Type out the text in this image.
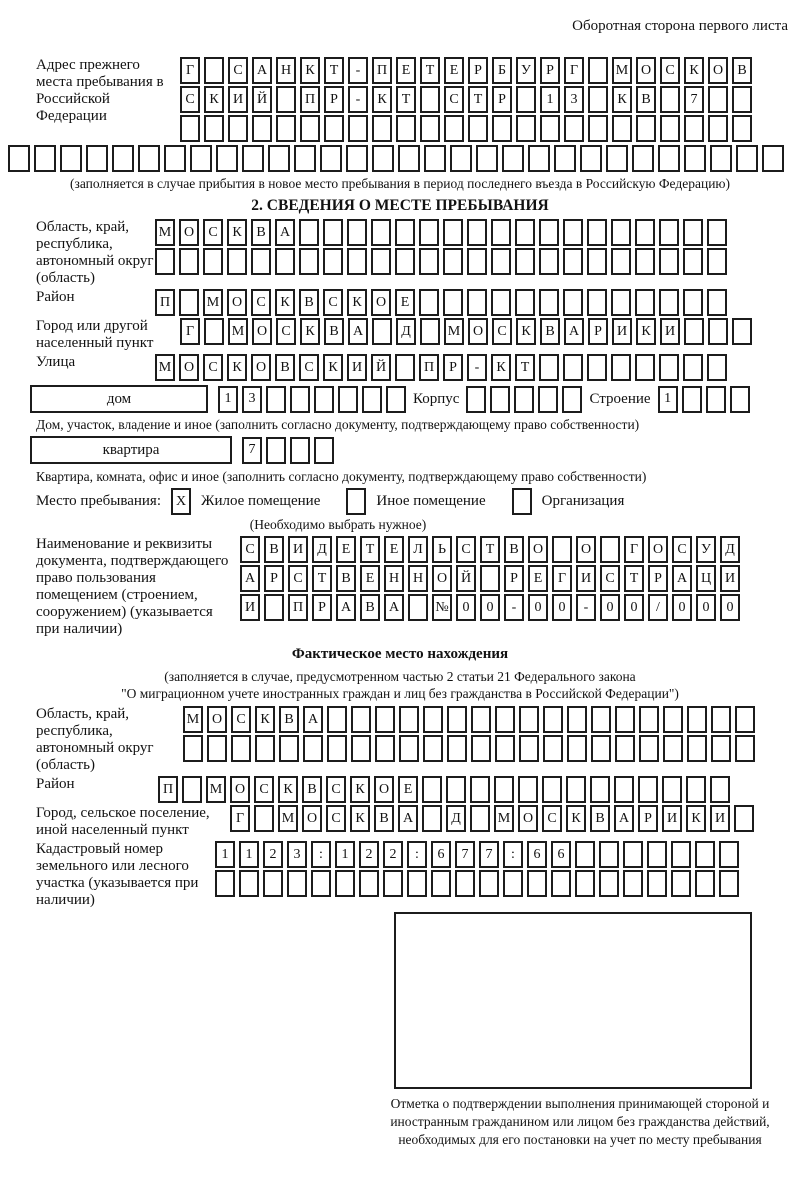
Оборотная сторона первого листа
Адрес прежнего места пребывания в Российской Федерации
Г	С	А Н	К	Т	-	П	Е	Т	Е	Р	Б	У	Р	Г	М О	С	К	О	В
С	К	И Й	П	Р	-	К	Т	С	Т	Р	1	3	К	В	7
(заполняется в случае прибытия в новое место пребывания в период последнего въезда в Российскую Федерацию)
2. СВЕДЕНИЯ О МЕСТЕ ПРЕБЫВАНИЯ
Область, край, республика, автономный округ (область)
М О	С	К	В	А
Район	П	М О	С	К	В	С	К	О	Е
Город или другой населенный пункт
Г	М О	С	К	В	А	Д	М О	С	К	В	А	Р	И	К	И
Улица	М О	С	К	О	В	С	К	И Й	П	Р	-	К	Т
дом	1	3	Корпус	Строение 1
Дом, участок, владение и иное (заполнить согласно документу, подтверждающему право собственности)
квартира	7
Квартира, комната, офис и иное (заполнить согласно документу, подтверждающему право собственности)
Место пребывания:	X Жилое помещение	Иное помещение	Организация
(Необходимо выбрать нужное)
Наименование и реквизиты документа, подтверждающего право пользования помещением (строением, сооружением) (указывается при наличии)
С	В	И	Д	Е	Т	Е	Л	Ь	С	Т	В	О	О	Г	О	С	У	Д
А	Р	С	Т	В	Е	Н Н О Й	Р	Е	Г	И	С	Т	Р	А Ц И
И	П	Р	А	В	А	№ 0	0	-	0	0	-	0	0	/	0	0	0
Фактическое место нахождения
(заполняется в случае, предусмотренном частью 2 статьи 21 Федерального закона
"О миграционном учете иностранных граждан и лиц без гражданства в Российской Федерации")
Область, край, республика, автономный округ (область)
М О	С	К	В	А
Район	П	М О	С	К	В	С	К	О	Е
Город, сельское поселение, иной населенный пункт
Г	М О	С	К	В	А	Д	М О	С	К	В	А	Р	И	К	И
Кадастровый номер земельного или лесного участка (указывается при наличии)
1	1	2	3	:	1	2	2	:	6	7	7	:	6	6
Отметка о подтверждении выполнения принимающей стороной и иностранным гражданином или лицом без гражданства действий, необходимых для его постановки на учет по месту пребывания
